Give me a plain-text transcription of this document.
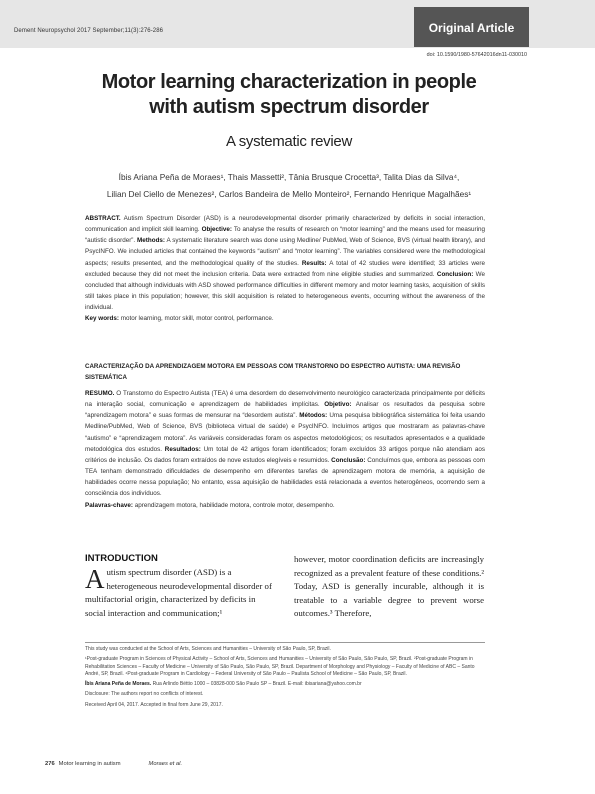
Dement Neuropsychol 2017 September;11(3):276-286	Original Article
doi: 10.1590/1980-57642016dn11-030010
Motor learning characterization in people
with autism spectrum disorder
A systematic review
Íbis Ariana Peña de Moraes¹, Thais Massetti², Tânia Brusque Crocetta³, Talita Dias da Silva⁴,
Lilian Del Ciello de Menezes², Carlos Bandeira de Mello Monteiro², Fernando Henrique Magalhães¹
ABSTRACT. Autism Spectrum Disorder (ASD) is a neurodevelopmental disorder primarily characterized by deficits in social interaction, communication and implicit skill learning. Objective: To analyse the results of research on “motor learning” and the means used for measuring “autistic disorder”. Methods: A systematic literature search was done using Medline/ PubMed, Web of Science, BVS (virtual health library), and PsycINFO. We included articles that contained the keywords “autism” and “motor learning”. The variables considered were the methodological aspects; results presented, and the methodological quality of the studies. Results: A total of 42 studies were identified; 33 articles were excluded because they did not meet the inclusion criteria. Data were extracted from nine eligible studies and summarized. Conclusion: We concluded that although individuals with ASD showed performance difficulties in different memory and motor learning tasks, acquisition of skills still takes place in this population; however, this skill acquisition is related to heterogeneous events, occurring without the awareness of the individual.
Key words: motor learning, motor skill, motor control, performance.
CARACTERIZAÇÃO DA APRENDIZAGEM MOTORA EM PESSOAS COM TRANSTORNO DO ESPECTRO AUTISTA: UMA REVISÃO SISTEMÁTICA
RESUMO. O Transtorno do Espectro Autista (TEA) é uma desordem do desenvolvimento neurológico caracterizada principalmente por déficits na interação social, comunicação e aprendizagem de habilidades implícitas. Objetivo: Analisar os resultados da pesquisa sobre “aprendizagem motora” e suas formas de mensurar na “desordem autista”. Métodos: Uma pesquisa bibliográfica sistemática foi feita usando Medline/PubMed, Web of Science, BVS (biblioteca virtual de saúde) e PsycINFO. Incluímos artigos que mostraram as palavras-chave “autismo” e “aprendizagem motora”. As variáveis consideradas foram os aspectos metodológicos; os resultados apresentados e a qualidade metodológica dos estudos. Resultados: Um total de 42 artigos foram identificados; foram excluídos 33 artigos porque não atendiam aos critérios de inclusão. Os dados foram extraídos de nove estudos elegíveis e resumidos. Conclusão: Concluímos que, embora as pessoas com TEA tenham demonstrado dificuldades de desempenho em diferentes tarefas de aprendizagem motora de memória, a aquisição de habilidades ocorre nessa população; No entanto, essa aquisição de habilidades está relacionada a eventos heterogêneos, ocorrendo sem a consciência dos indivíduos.
Palavras-chave: aprendizagem motora, habilidade motora, controle motor, desempenho.
INTRODUCTION
Autism spectrum disorder (ASD) is a heterogeneous neurodevelopmental disorder of multifactorial origin, characterized by deficits in social interaction and communication;¹
however, motor coordination deficits are increasingly recognized as a prevalent feature of these conditions.² Today, ASD is generally incurable, although it is treatable to a variable degree to prevent worse outcomes.³ Therefore,

This study was conducted at the School of Arts, Sciences and Humanities – University of São Paulo, SP, Brazil.

¹Post-graduate Program in Sciences of Physical Activity – School of Arts, Sciences and Humanities – University of São Paulo, São Paulo, SP, Brazil. ²Post-graduate Program in Rehabilitation Sciences – Faculty of Medicine – University of São Paulo, São Paulo, SP, Brazil. Department of Morphology and Physiology – Faculty of Medicine of ABC – Santo André, SP, Brazil. ⁴Post-graduate Program in Cardiology – Federal University of São Paulo – Paulista School of Medicine – São Paulo, SP, Brazil.

Íbis Ariana Peña de Moraes. Rua Arlindo Béttio 1000 – 03828-000 São Paulo SP – Brazil. E-mail: ibisariana@yahoo.com.br

Disclosure: The authors report no conflicts of interest.

Received April 04, 2017. Accepted in final form June 29, 2017.

276 Motor learning in autism	Moraes et al.
